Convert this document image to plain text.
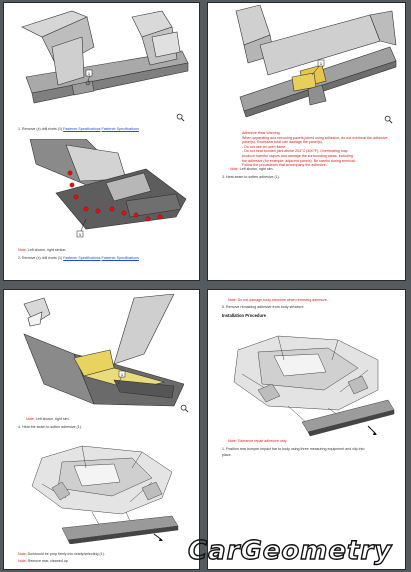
1
1. Remove (x) drill rivets (1) Fastener Specifications Fastener Specifications
1
Note: Left shown, right similar.
2. Remove (x) drill rivets (1) Fastener Specifications Fastener Specifications
1
Adhesive Heat Warning
When separating and removing panels joined using adhesive, do not overheat the adhesive
panel(s). Excessive heat can damage the panel(s).
- Do not use an open flame.
- Do not heat bonded joint above 204°C (400°F). Overheating may
produce harmful vapors and damage the surrounding areas, including
the adhesive (for example, adjacent panels). Be careful during removal.
Follow the precautions that accompany the adhesive.
Note: Left shown, right sim.
3. Heat seam to soften adhesive (1).
1
Note: Left shown, right sim.
4. Heat the seam to soften adhesive (1).
Note: Do/should be prop firmly into ready/selecting (1).
Note: Remove rear, cleaned up.
Note: Do not damage body structure when removing adhesive.
5. Remove remaining adhesive from body structure.
Installation Procedure
Note: Tolerance repair adhesive only.
1. Position rear bumper impact bar to body using three measuring equipment and clip into
place.
CarGeometry
